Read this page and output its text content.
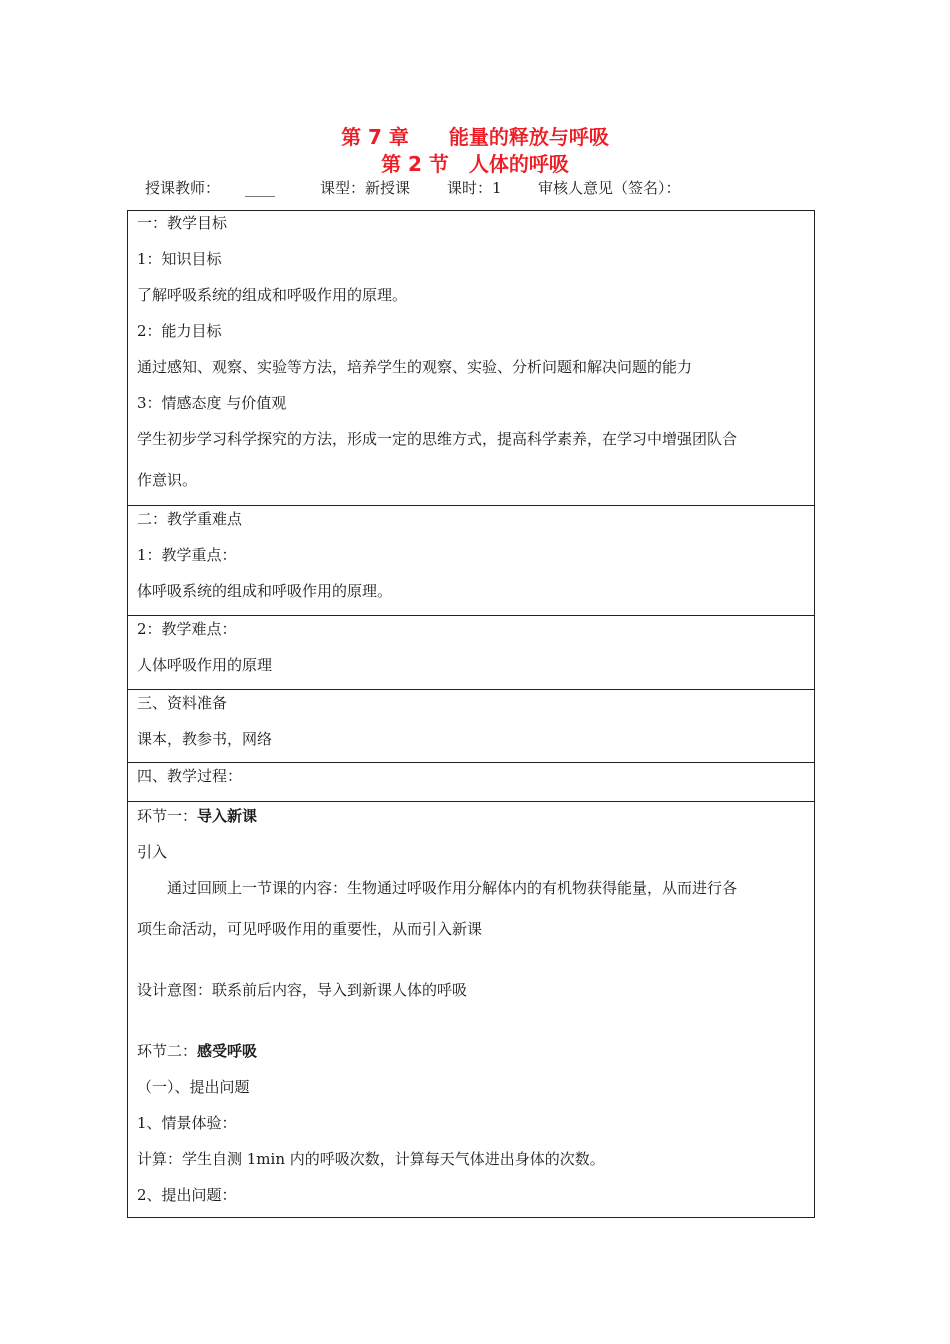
第 7 章　　能量的释放与呼吸
第 2 节　人体的呼吸
授课教师： ____	课型：新授课 课时：1 审核人意见（签名）：
一：教学目标
1：知识目标
了解呼吸系统的组成和呼吸作用的原理。
2：能力目标
通过感知、观察、实验等方法，培养学生的观察、实验、分析问题和解决问题的能力
3：情感态度 与价值观
学生初步学习科学探究的方法，形成一定的思维方式，提高科学素养，在学习中增强团队合
作意识。
二：教学重难点
1：教学重点：
体呼吸系统的组成和呼吸作用的原理。
2：教学难点：
人体呼吸作用的原理
三、资料准备
课本，教参书，网络
四、教学过程：
环节一：导入新课
引入
　　通过回顾上一节课的内容：生物通过呼吸作用分解体内的有机物获得能量，从而进行各
项生命活动，可见呼吸作用的重要性，从而引入新课
设计意图：联系前后内容，导入到新课人体的呼吸
环节二：感受呼吸
（一）、提出问题
1、情景体验：
计算：学生自测 1min 内的呼吸次数，计算每天气体进出身体的次数。
2、提出问题：
